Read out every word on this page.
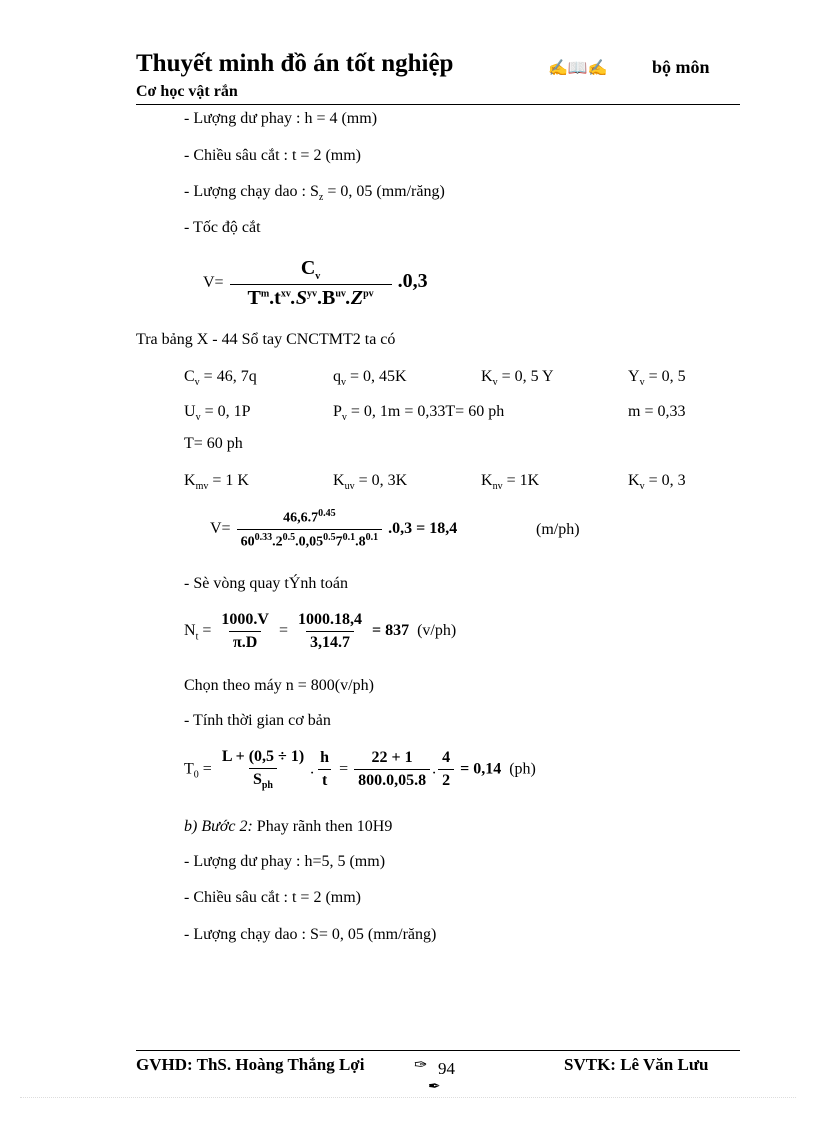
Thuyết minh đồ án tốt nghiệp	✍📖✍ bộ môn
Cơ học vật rắn
- Lượng dư phay : h = 4 (mm)
- Chiều sâu cắt : t = 2 (mm)
- Lượng chạy dao : $S_z = 0$, 05 (mm/răng)
- Tốc độ cắt
$V= \frac{C_v}{T^m.t^{xv}.S^{yv}.B^{uv}.Z^{pv}} .0,3$
Tra bảng X - 44 Sổ tay CNCTMT2 ta có
$C_v = 46$, 7q	$q_v = 0$, 45K	$K_v = 0$, 5 Y	$Y_v = 0$, 5
$U_v = 0$, 1P	$P_v = 0$, 1m = 0,33T= 60 ph	m = 0,33
T= 60 ph
$K_{mv} = 1$ K	$K_{uv} = 0$, 3K	$K_{nv} = 1K$	$K_v = 0$, 3
$V= \frac{46,6.7^{0.45}}{60^{0.33}.2^{0.5}.0,05^{0.5}7^{0.1}.8^{0.1}} .0,3 = 18,4$	(m/ph)
- Sè vòng quay tÝnh toán
$N_t = \frac{1000.V}{\pi.D} = \frac{1000.18,4}{3,14.7} = 837$ (v/ph)
Chọn theo máy n = 800(v/ph)
- Tính thời gian cơ bản
$T_0 = \frac{L + (0,5 \div 1)}{S_{ph}}$ . $\frac{h}{t} = \frac{22 + 1}{800.0,05.8}$ . $\frac{4}{2} = 0,14$ (ph)
b) Bước 2: Phay rãnh then 10H9
- Lượng dư phay : h=5, 5 (mm)
- Chiều sâu cắt : t = 2 (mm)
- Lượng chạy dao : S= 0, 05 (mm/răng)
GVHD: ThS. Hoàng Thắng Lợi	✑ 94
✒
SVTK: Lê Văn Lưu
